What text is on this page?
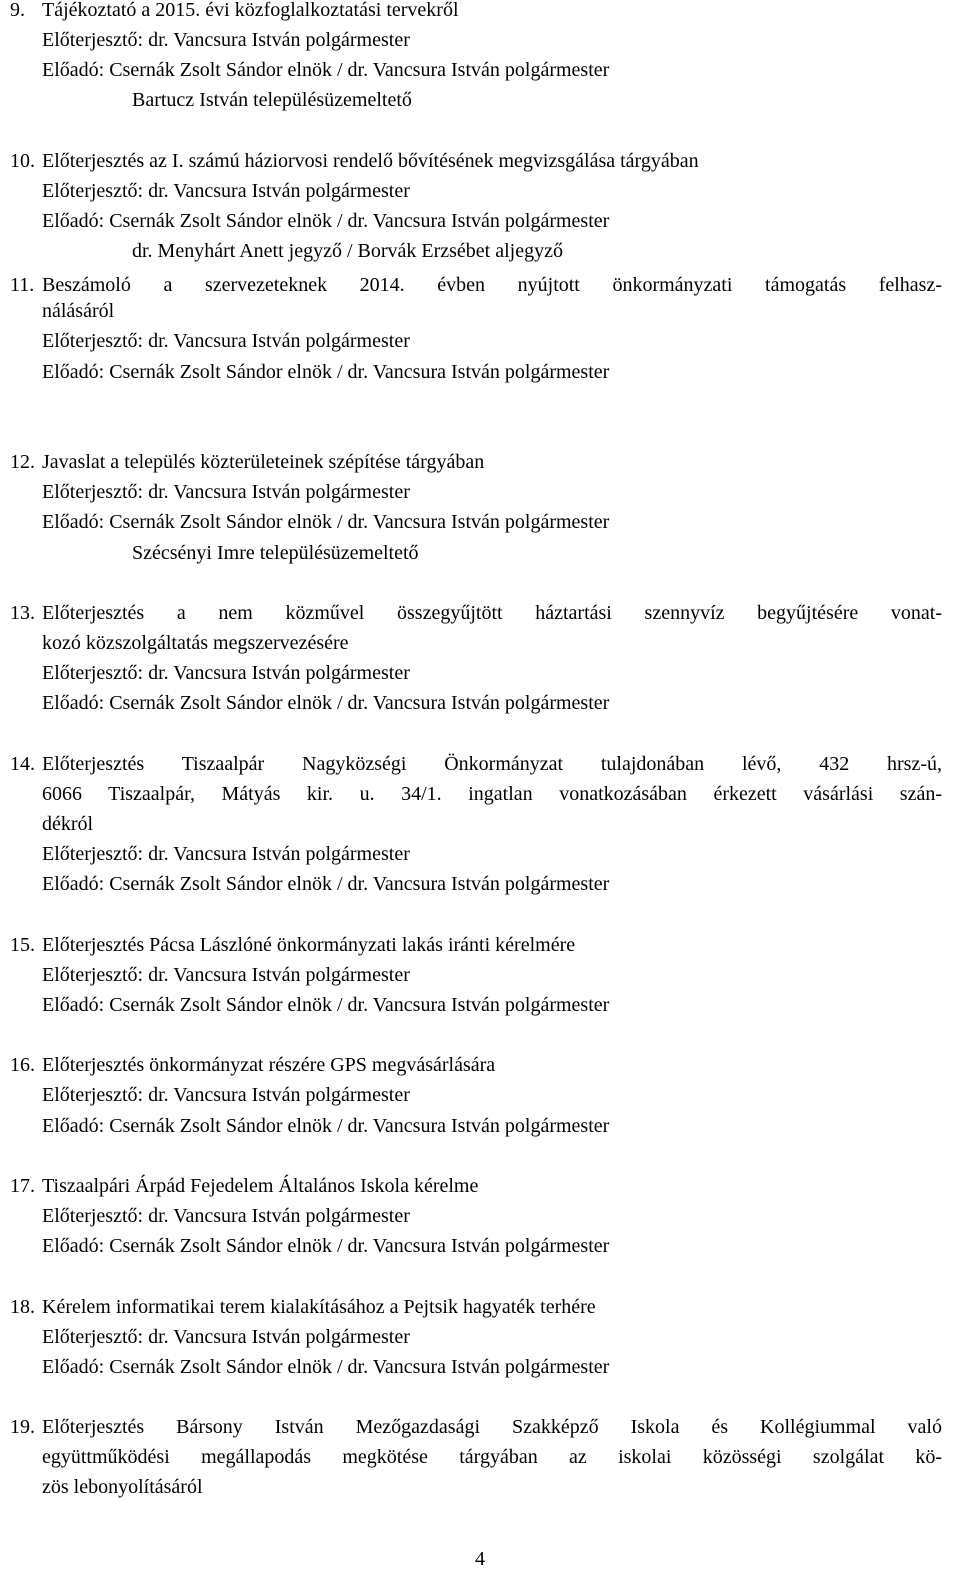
9. Tájékoztató a 2015. évi közfoglalkoztatási tervekről
Előterjesztő: dr. Vancsura István polgármester
Előadó: Csernák Zsolt Sándor elnök / dr. Vancsura István polgármester
Bartucz István településüzemeltető
10. Előterjesztés az I. számú háziorvosi rendelő bővítésének megvizsgálása tárgyában
Előterjesztő: dr. Vancsura István polgármester
Előadó: Csernák Zsolt Sándor elnök / dr. Vancsura István polgármester
dr. Menyhárt Anett jegyző / Borvák Erzsébet aljegyző
11. Beszámoló a szervezeteknek 2014. évben nyújtott önkormányzati támogatás felhasz-
nálásáról
Előterjesztő: dr. Vancsura István polgármester
Előadó: Csernák Zsolt Sándor elnök / dr. Vancsura István polgármester
12. Javaslat a település közterületeinek szépítése tárgyában
Előterjesztő: dr. Vancsura István polgármester
Előadó: Csernák Zsolt Sándor elnök / dr. Vancsura István polgármester
Szécsényi Imre településüzemeltető
13. Előterjesztés a nem közművel összegyűjtött háztartási szennyvíz begyűjtésére vonat-
kozó közszolgáltatás megszervezésére
Előterjesztő: dr. Vancsura István polgármester
Előadó: Csernák Zsolt Sándor elnök / dr. Vancsura István polgármester
14. Előterjesztés Tiszaalpár Nagyközségi Önkormányzat tulajdonában lévő, 432 hrsz-ú,
6066 Tiszaalpár, Mátyás kir. u. 34/1. ingatlan vonatkozásában érkezett vásárlási szán-
dékról
Előterjesztő: dr. Vancsura István polgármester
Előadó: Csernák Zsolt Sándor elnök / dr. Vancsura István polgármester
15. Előterjesztés Pácsa Lászlóné önkormányzati lakás iránti kérelmére
Előterjesztő: dr. Vancsura István polgármester
Előadó: Csernák Zsolt Sándor elnök / dr. Vancsura István polgármester
16. Előterjesztés önkormányzat részére GPS megvásárlására
Előterjesztő: dr. Vancsura István polgármester
Előadó: Csernák Zsolt Sándor elnök / dr. Vancsura István polgármester
17. Tiszaalpári Árpád Fejedelem Általános Iskola kérelme
Előterjesztő: dr. Vancsura István polgármester
Előadó: Csernák Zsolt Sándor elnök / dr. Vancsura István polgármester
18. Kérelem informatikai terem kialakításához a Pejtsik hagyaték terhére
Előterjesztő: dr. Vancsura István polgármester
Előadó: Csernák Zsolt Sándor elnök / dr. Vancsura István polgármester
19. Előterjesztés Bársony István Mezőgazdasági Szakképző Iskola és Kollégiummal való
együttműködési megállapodás megkötése tárgyában az iskolai közösségi szolgálat kö-
zös lebonyolításáról
4
